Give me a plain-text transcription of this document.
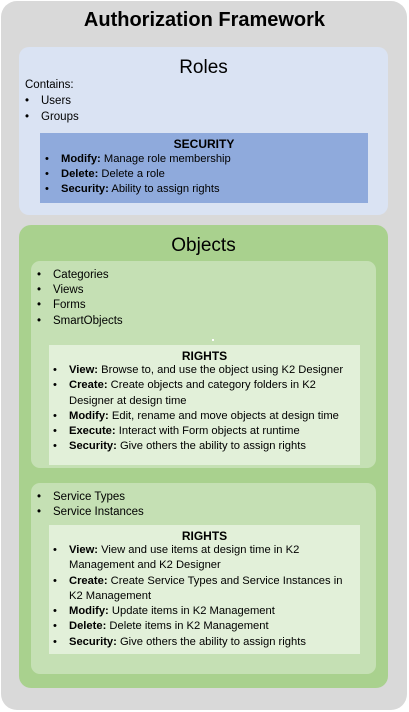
Authorization Framework
Roles
Contains:
• Users
• Groups
SECURITY
• Modify: Manage role membership
• Delete: Delete a role
• Security: Ability to assign rights
Objects
• Categories
• Views
• Forms
• SmartObjects
RIGHTS
•	View: Browse to, and use the object using K2 Designer
•	Create: Create objects and category folders in K2 Designer at design time
•	Modify: Edit, rename and move objects at design time
•	Execute: Interact with Form objects at runtime
•	Security: Give others the ability to assign rights
• Service Types
• Service Instances
RIGHTS
•	View: View and use items at design time in K2 Management and K2 Designer
•	Create: Create Service Types and Service Instances in K2 Management
•	Modify: Update items in K2 Management
•	Delete: Delete items in K2 Management
•	Security: Give others the ability to assign rights
